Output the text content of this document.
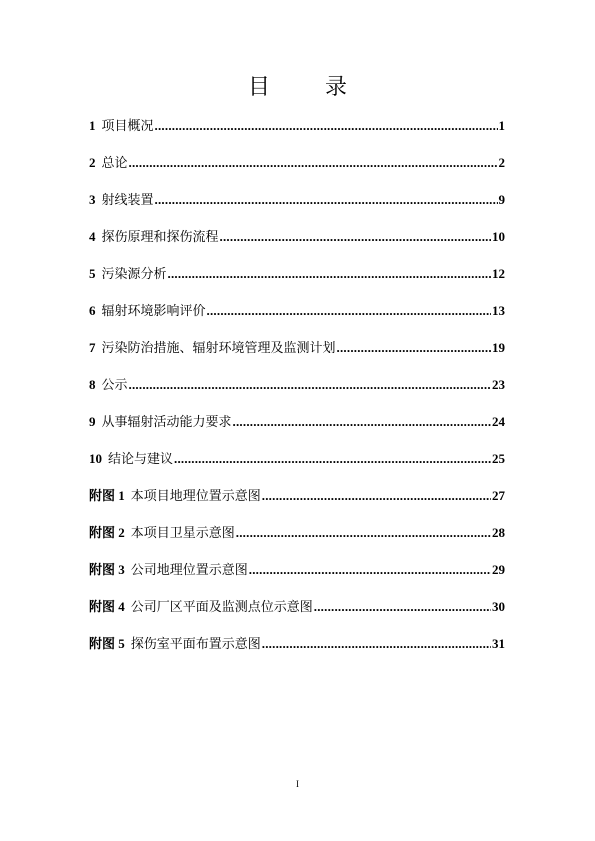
目 录
1 项目概况 .....	1
2 总论 .....	2
3 射线装置 .....	9
4 探伤原理和探伤流程 .....	10
5 污染源分析 .....	12
6 辐射环境影响评价 .....	13
7 污染防治措施、辐射环境管理及监测计划 .....	19
8 公示 .....	23
9 从事辐射活动能力要求 .....	24
10 结论与建议 .....	25
附图 1 本项目地理位置示意图 .....	27
附图 2 本项目卫星示意图 .....	28
附图 3 公司地理位置示意图 .....	29
附图 4 公司厂区平面及监测点位示意图 .....	30
附图 5 探伤室平面布置示意图 .....	31
I
